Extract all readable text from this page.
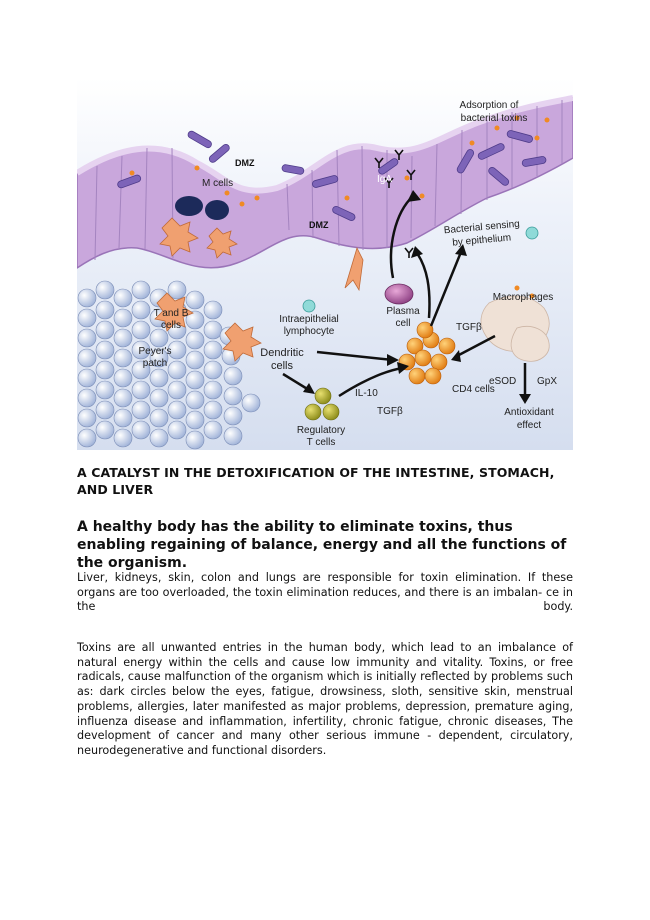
Adsorption of
bacterial toxins
DMZ
M cells
DMZ
IgA
Bacterial sensing
by epithelium
T and B
cells
Peyer's
patch
Intraepithelial
lymphocyte
Plasma
cell
Macrophages
TGFβ
Dendritic
cells
CD4 cells
eSOD GpX
IL-10
TGFβ	Antioxidant
effect
Regulatory
T cells
A CATALYST IN THE DETOXIFICATION OF THE INTESTINE, STOMACH, AND LIVER
A healthy body has the ability to eliminate toxins, thus enabling regaining of balance, energy and all the functions of the organism.

Liver, kidneys, skin, colon and lungs are responsible for toxin elimination. If these organs are too overloaded, the toxin elimination reduces, and there is an imbalan- ce in the body.

Toxins are all unwanted entries in the human body, which lead to an imbalance of natural energy within the cells and cause low immunity and vitality. Toxins, or free radicals, cause malfunction of the organism which is initially reflected by problems such as: dark circles below the eyes, fatigue, drowsiness, sloth, sensitive skin, menstrual problems, allergies, later manifested as major problems, depression, premature aging, influenza disease and inflammation, infertility, chronic fatigue, chronic diseases, The development of cancer and many other serious immune - dependent, circulatory, neurodegenerative and functional disorders.
